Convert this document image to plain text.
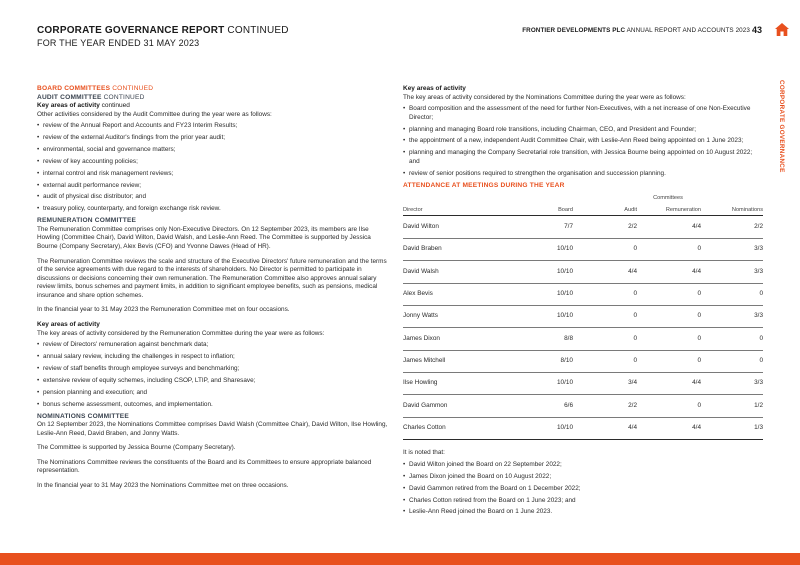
CORPORATE GOVERNANCE REPORT CONTINUED
FOR THE YEAR ENDED 31 MAY 2023
FRONTIER DEVELOPMENTS PLC ANNUAL REPORT AND ACCOUNTS 2023 43
CORPORATE GOVERNANCE
BOARD COMMITTEES CONTINUED
AUDIT COMMITTEE CONTINUED
Key areas of activity continued

Other activities considered by the Audit Committee during the year were as follows:

• review of the Annual Report and Accounts and FY23 Interim Results;
• review of the external Auditor's findings from the prior year audit;
• environmental, social and governance matters;
• review of key accounting policies;
• internal control and risk management reviews;
• external audit performance review;
• audit of physical disc distributor; and
• treasury policy, counterparty, and foreign exchange risk review.
REMUNERATION COMMITTEE

The Remuneration Committee comprises only Non-Executive Directors. On 12 September 2023, its members are Ilse Howling (Committee Chair), David Wilton, David Walsh, and Leslie-Ann Reed. The Committee is supported by Jessica Bourne (Company Secretary), Alex Bevis (CFO) and Yvonne Dawes (Head of HR).

The Remuneration Committee reviews the scale and structure of the Executive Directors' future remuneration and the terms of the service agreements with due regard to the interests of shareholders. No Director is permitted to participate in discussions or decisions concerning their own remuneration. The Remuneration Committee also approves annual salary review limits, bonus schemes and payment limits, in addition to significant employee benefits, such as pensions, medical insurance and share option schemes.

In the financial year to 31 May 2023 the Remuneration Committee met on four occasions.

Key areas of activity

The key areas of activity considered by the Remuneration Committee during the year were as follows:

• review of Directors' remuneration against benchmark data;
• annual salary review, including the challenges in respect to inflation;
• review of staff benefits through employee surveys and benchmarking;
• extensive review of equity schemes, including CSOP, LTIP, and Sharesave;
• pension planning and execution; and
• bonus scheme assessment, outcomes, and implementation.
NOMINATIONS COMMITTEE

On 12 September 2023, the Nominations Committee comprises David Walsh (Committee Chair), David Wilton, Ilse Howling, Leslie-Ann Reed, David Braben, and Jonny Watts.

The Committee is supported by Jessica Bourne (Company Secretary).

The Nominations Committee reviews the constituents of the Board and its Committees to ensure appropriate balanced representation.

In the financial year to 31 May 2023 the Nominations Committee met on three occasions.

Key areas of activity

The key areas of activity considered by the Nominations Committee during the year were as follows:

• Board composition and the assessment of the need for further Non-Executives, with a net increase of one Non-Executive Director;
• planning and managing Board role transitions, including Chairman, CEO, and President and Founder;
• the appointment of a new, independent Audit Committee Chair, with Leslie-Ann Reed being appointed on 1 June 2023;
• planning and managing the Company Secretarial role transition, with Jessica Bourne being appointed on 10 August 2022; and
• review of senior positions required to strengthen the organisation and succession planning.
ATTENDANCE AT MEETINGS DURING THE YEAR
		Committees		
Director	Board	Audit	Remuneration	Nominations
David Wilton	7/7	2/2	4/4	2/2
David Braben	10/10	0	0	3/3
David Walsh	10/10	4/4	4/4	3/3
Alex Bevis	10/10	0	0	0
Jonny Watts	10/10	0	0	3/3
James Dixon	8/8	0	0	0
James Mitchell	8/10	0	0	0
Ilse Howling	10/10	3/4	4/4	3/3
David Gammon	6/6	2/2	0	1/2
Charles Cotton	10/10	4/4	4/4	1/3

It is noted that:

• David Wilton joined the Board on 22 September 2022;
• James Dixon joined the Board on 10 August 2022;
• David Gammon retired from the Board on 1 December 2022;
• Charles Cotton retired from the Board on 1 June 2023; and
• Leslie-Ann Reed joined the Board on 1 June 2023.
